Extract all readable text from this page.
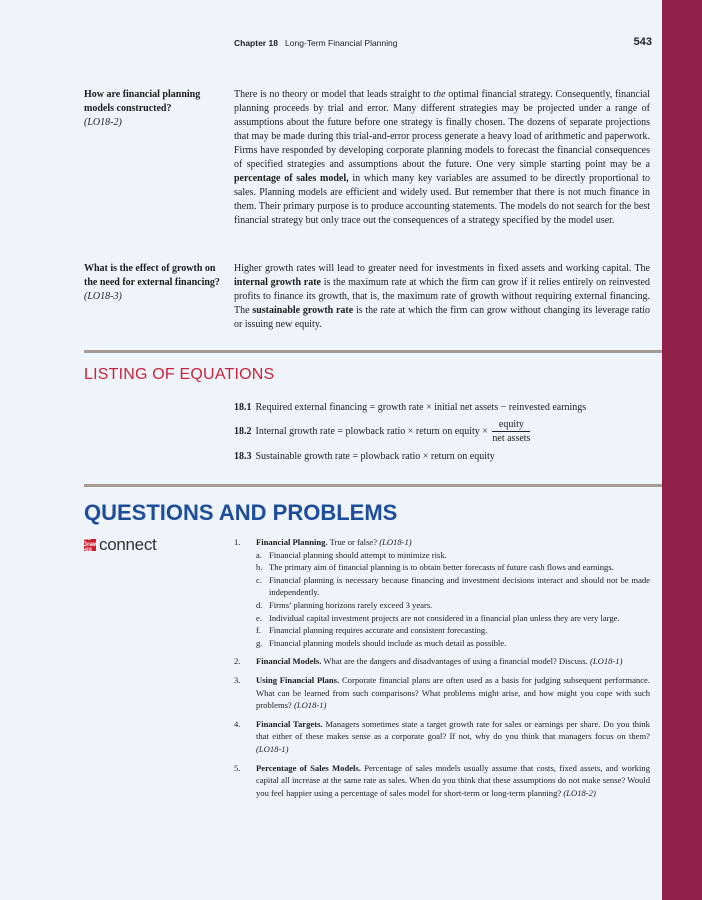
Chapter 18 Long-Term Financial Planning	543
How are financial planning models constructed?
(LO18-2)
There is no theory or model that leads straight to the optimal financial strategy. Consequently, financial planning proceeds by trial and error. Many different strategies may be projected under a range of assumptions about the future before one strategy is finally chosen. The dozens of separate projections that may be made during this trial-and-error process generate a heavy load of arithmetic and paperwork. Firms have responded by developing corporate planning models to forecast the financial consequences of specified strategies and assumptions about the future. One very simple starting point may be a percentage of sales model, in which many key variables are assumed to be directly proportional to sales. Planning models are efficient and widely used. But remember that there is not much finance in them. Their primary purpose is to produce accounting statements. The models do not search for the best financial strategy but only trace out the consequences of a strategy specified by the model user.
What is the effect of growth on the need for external financing? (LO18-3)
Higher growth rates will lead to greater need for investments in fixed assets and working capital. The internal growth rate is the maximum rate at which the firm can grow if it relies entirely on reinvested profits to finance its growth, that is, the maximum rate of growth without requiring external financing. The sustainable growth rate is the rate at which the firm can grow without changing its leverage ratio or issuing new equity.
LISTING OF EQUATIONS
18.1 Required external financing = growth rate × initial net assets − reinvested earnings
18.2 Internal growth rate = plowback ratio × return on equity × $\frac{\text{equity}}{\text{net assets}}$
18.3 Sustainable growth rate = plowback ratio × return on equity
QUESTIONS AND PROBLEMS
Mc Graw Hill connect	1. Financial Planning. True or false? (LO18-1)
a. Financial planning should attempt to minimize risk.
b. The primary aim of financial planning is to obtain better forecasts of future cash flows and earnings.
c. Financial planning is necessary because financing and investment decisions interact and should not be made independently.
d. Firms’ planning horizons rarely exceed 3 years.
e. Individual capital investment projects are not considered in a financial plan unless they are very large.
f. Financial planning requires accurate and consistent forecasting.
g. Financial planning models should include as much detail as possible.
2. Financial Models. What are the dangers and disadvantages of using a financial model? Discuss. (LO18-1)
3. Using Financial Plans. Corporate financial plans are often used as a basis for judging subsequent performance. What can be learned from such comparisons? What problems might arise, and how might you cope with such problems? (LO18-1)
4. Financial Targets. Managers sometimes state a target growth rate for sales or earnings per share. Do you think that either of these makes sense as a corporate goal? If not, why do you think that managers focus on them? (LO18-1)
5. Percentage of Sales Models. Percentage of sales models usually assume that costs, fixed assets, and working capital all increase at the same rate as sales. When do you think that these assumptions do not make sense? Would you feel happier using a percentage of sales model for short-term or long-term planning? (LO18-2)
